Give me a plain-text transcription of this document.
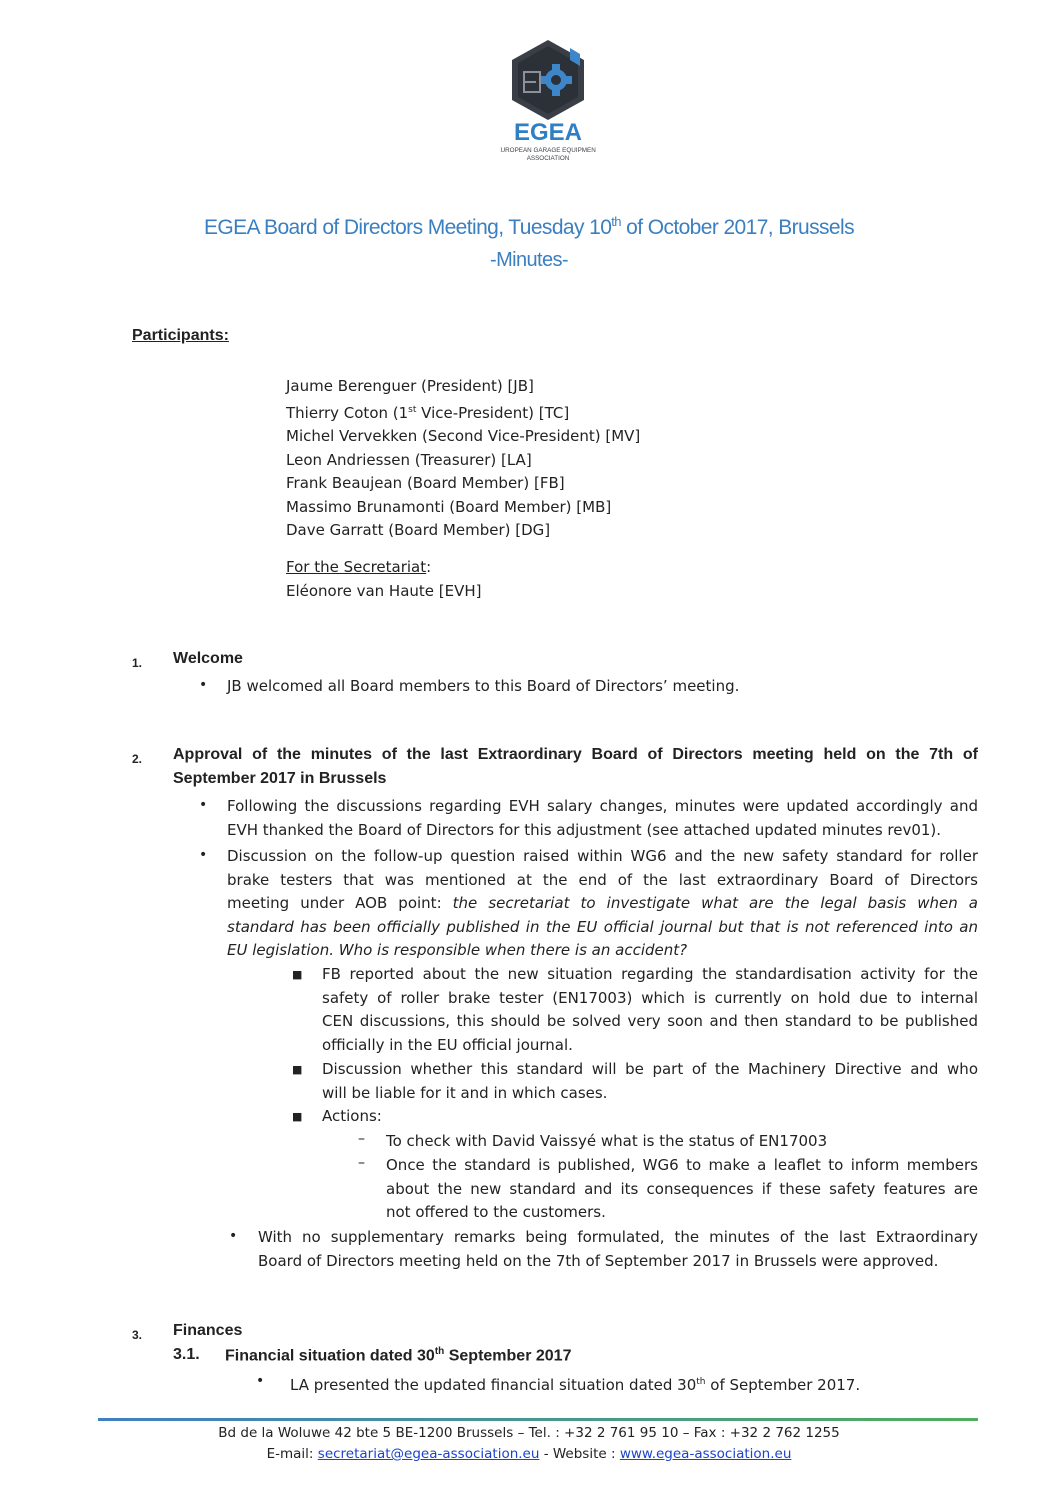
EGEA
EUROPEAN GARAGE EQUIPMENT
ASSOCIATION
EGEA Board of Directors Meeting, Tuesday 10th of October 2017, Brussels
-Minutes-
Participants:
Jaume Berenguer (President) [JB]
Thierry Coton (1st Vice-President) [TC]
Michel Vervekken (Second Vice-President) [MV]
Leon Andriessen (Treasurer) [LA]
Frank Beaujean (Board Member) [FB]
Massimo Brunamonti (Board Member) [MB]
Dave Garratt (Board Member) [DG]
For the Secretariat:
Eléonore van Haute [EVH]
1. Welcome
• JB welcomed all Board members to this Board of Directors’ meeting.
2. Approval of the minutes of the last Extraordinary Board of Directors meeting held on the 7th of
September 2017 in Brussels
• Following the discussions regarding EVH salary changes, minutes were updated accordingly and
EVH thanked the Board of Directors for this adjustment (see attached updated minutes rev01).
• Discussion on the follow-up question raised within WG6 and the new safety standard for roller
brake testers that was mentioned at the end of the last extraordinary Board of Directors
meeting under AOB point: the secretariat to investigate what are the legal basis when a
standard has been officially published in the EU official journal but that is not referenced into an
EU legislation. Who is responsible when there is an accident?
■ FB reported about the new situation regarding the standardisation activity for the
safety of roller brake tester (EN17003) which is currently on hold due to internal
CEN discussions, this should be solved very soon and then standard to be published
officially in the EU official journal.
■ Discussion whether this standard will be part of the Machinery Directive and who
will be liable for it and in which cases.
■ Actions:
– To check with David Vaissyé what is the status of EN17003
– Once the standard is published, WG6 to make a leaflet to inform members
about the new standard and its consequences if these safety features are
not offered to the customers.
• With no supplementary remarks being formulated, the minutes of the last Extraordinary
Board of Directors meeting held on the 7th of September 2017 in Brussels were approved.
3. Finances
3.1. Financial situation dated 30th September 2017
• LA presented the updated financial situation dated 30th of September 2017.
Bd de la Woluwe 42 bte 5 BE-1200 Brussels – Tel. : +32 2 761 95 10 – Fax : +32 2 762 1255
E-mail: secretariat@egea-association.eu - Website : www.egea-association.eu
